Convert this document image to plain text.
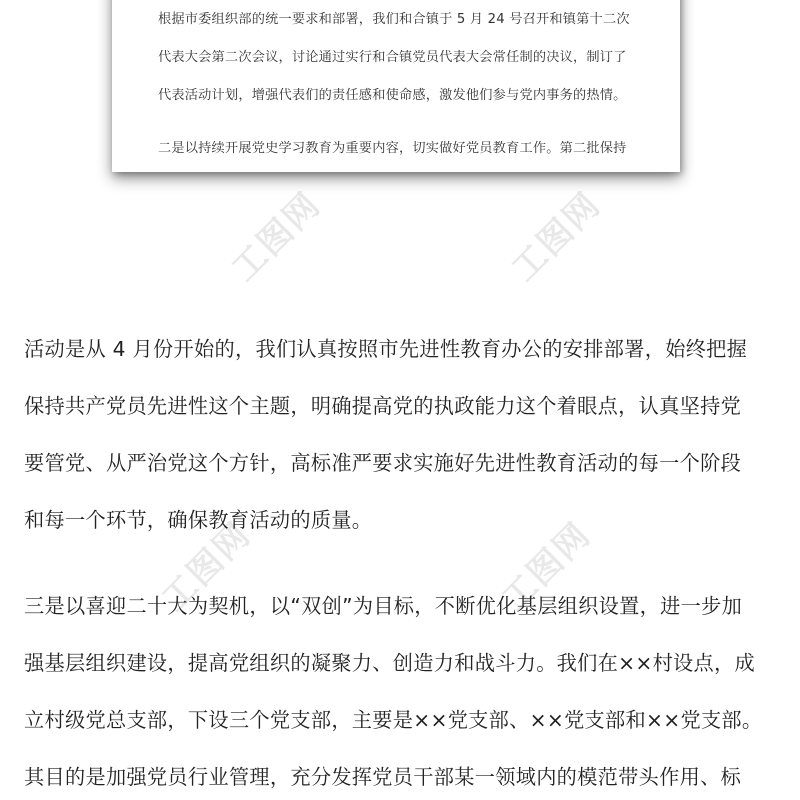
工图网	工图网
工图网	工图网

根据市委组织部的统一要求和部署，我们和合镇于 5 月 24 号召开和镇第十二次

代表大会第二次会议，讨论通过实行和合镇党员代表大会常任制的决议，制订了

代表活动计划，增强代表们的责任感和使命感，激发他们参与党内事务的热情。

二是以持续开展党史学习教育为重要内容，切实做好党员教育工作。第二批保持

活动是从 4 月份开始的，我们认真按照市先进性教育办公的安排部署，始终把握

保持共产党员先进性这个主题，明确提高党的执政能力这个着眼点，认真坚持党

要管党、从严治党这个方针，高标准严要求实施好先进性教育活动的每一个阶段

和每一个环节，确保教育活动的质量。

三是以喜迎二十大为契机，以“双创”为目标，不断优化基层组织设置，进一步加

强基层组织建设，提高党组织的凝聚力、创造力和战斗力。我们在××村设点，成

立村级党总支部，下设三个党支部，主要是××党支部、××党支部和××党支部。

其目的是加强党员行业管理，充分发挥党员干部某一领域内的模范带头作用、标
